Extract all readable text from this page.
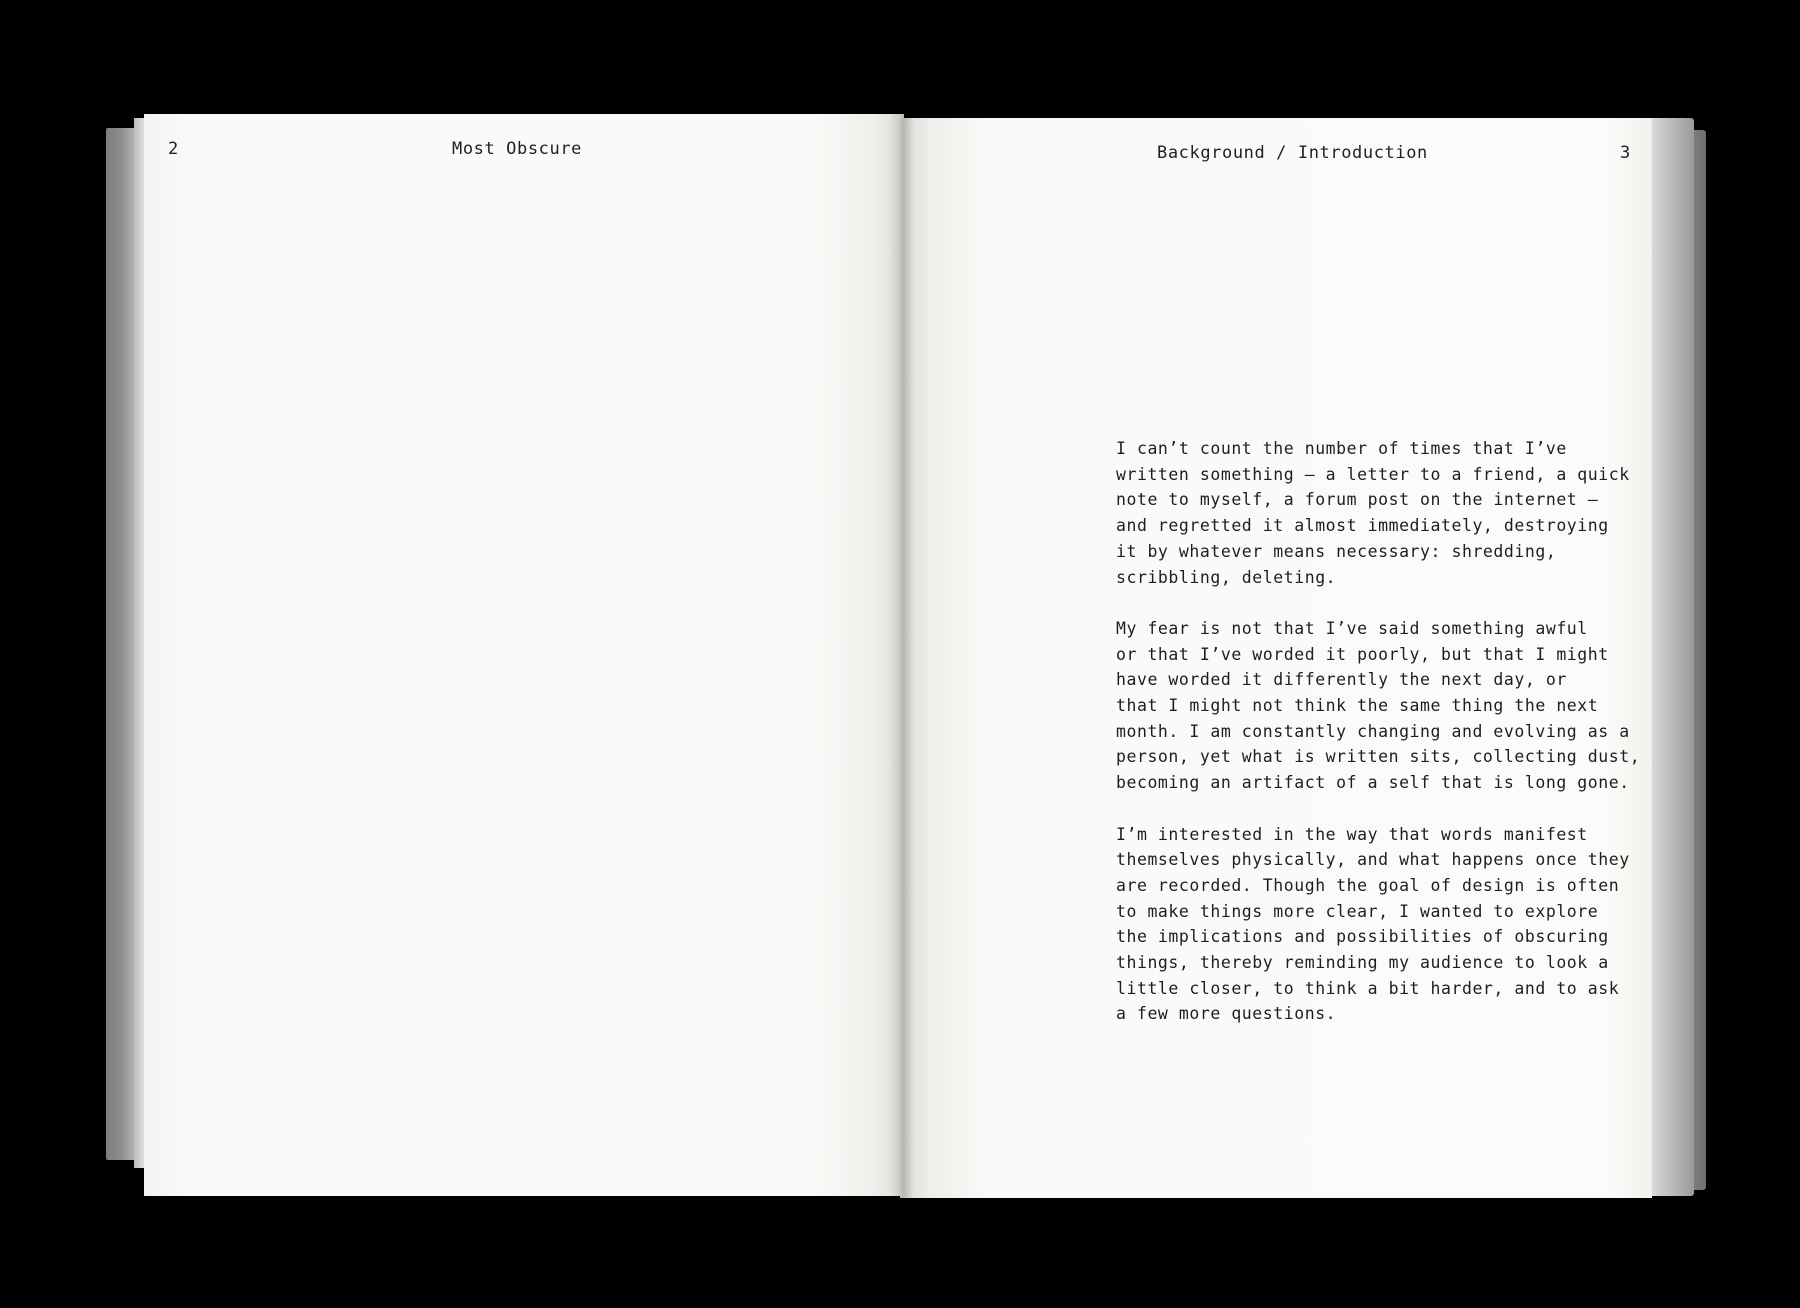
2	Most Obscure	Background / Introduction	3

I can’t count the number of times that I’ve
written something — a letter to a friend, a quick
note to myself, a forum post on the internet —
and regretted it almost immediately, destroying
it by whatever means necessary: shredding,
scribbling, deleting.

My fear is not that I’ve said something awful
or that I’ve worded it poorly, but that I might
have worded it differently the next day, or
that I might not think the same thing the next
month. I am constantly changing and evolving as a
person, yet what is written sits, collecting dust,
becoming an artifact of a self that is long gone.

I’m interested in the way that words manifest
themselves physically, and what happens once they
are recorded. Though the goal of design is often
to make things more clear, I wanted to explore
the implications and possibilities of obscuring
things, thereby reminding my audience to look a
little closer, to think a bit harder, and to ask
a few more questions.
